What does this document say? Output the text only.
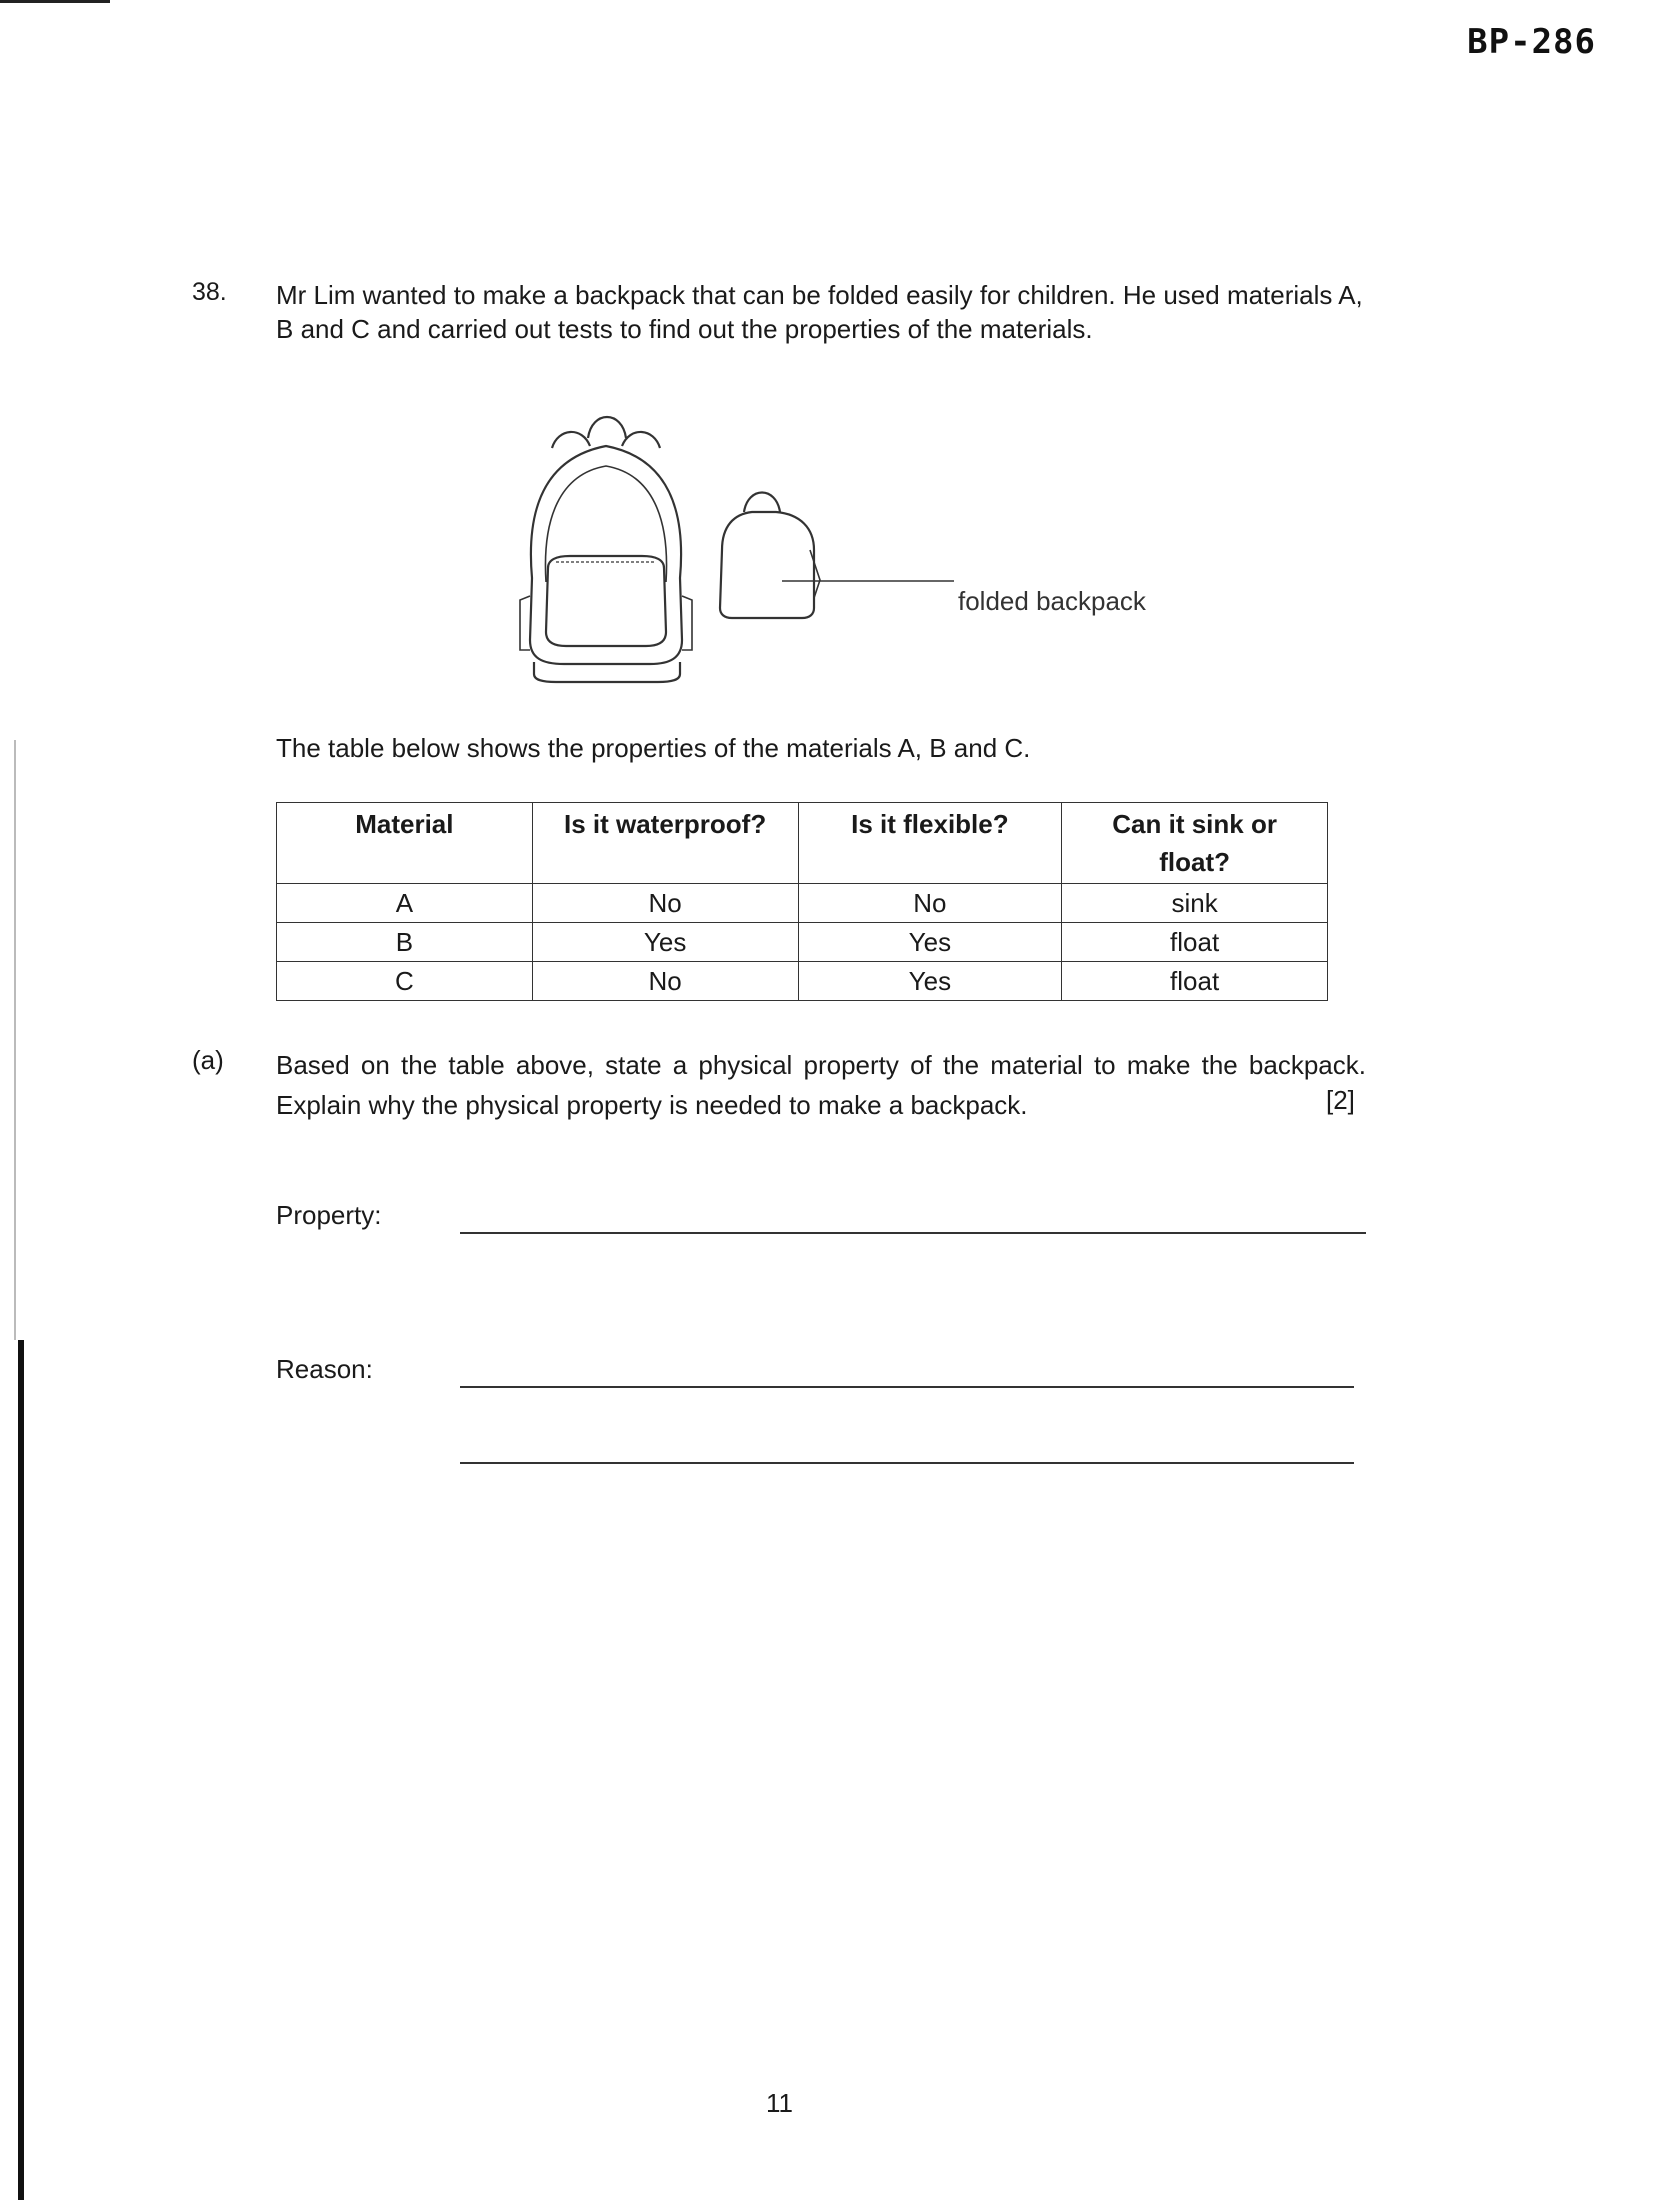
BP-286
38. Mr Lim wanted to make a backpack that can be folded easily for children. He used materials A, B and C and carried out tests to find out the properties of the materials.
folded backpack
The table below shows the properties of the materials A, B and C.
Material	Is it waterproof?	Is it flexible?	Can it sink or float?
A	No	No	sink
B	Yes	Yes	float
C	No	Yes	float
(a) Based on the table above, state a physical property of the material to make the backpack. Explain why the physical property is needed to make a backpack.	[2]
Property:
Reason:
11
